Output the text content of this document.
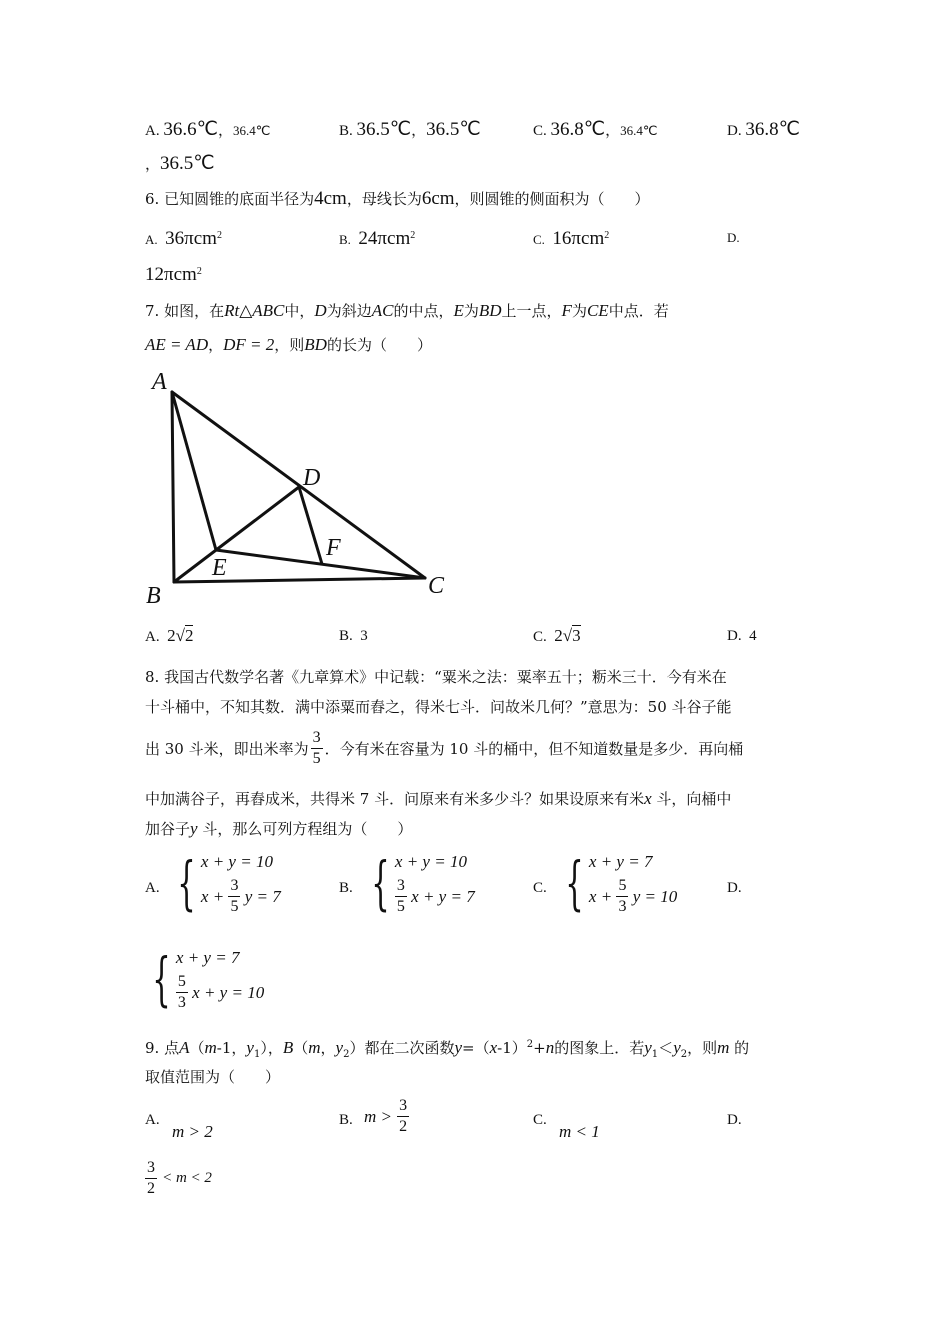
A. 36.6℃，36.4℃	B. 36.5℃，36.5℃	C. 36.8℃，36.4℃	D. 36.8℃
，36.5℃
6. 已知圆锥的底面半径为4cm，母线长为6cm，则圆锥的侧面积为（　　）
A. 36πcm$^2$	B. 24πcm$^2$	C. 16πcm$^2$	D.
12πcm$^2$
7. 如图，在Rt△ABC中，D为斜边AC的中点，E为BD上一点，F为CE中点．若
AE = AD，DF = 2，则BD的长为（　　）
A
B	C
D
E
F
A. 2√2	B. 3	C. 2√3	D. 4
8. 我国古代数学名著《九章算术》中记载：“粟米之法：粟率五十；粝米三十．今有米在
十斗桶中，不知其数．满中添粟而舂之，得米七斗．问故米几何？”意思为：50 斗谷子能
出 30 斗米，即出米率为 $\frac{3}{5}$ ．今有米在容量为 10 斗的桶中，但不知道数量是多少．再向桶
中加满谷子，再舂成米，共得米 7 斗．问原来有米多少斗？如果设原来有米x 斗，向桶中
加谷子y 斗，那么可列方程组为（　　）
A. { x + y = 10
x +
$\frac{3}{5}$
y = 7	B. { x + y = 10
$\frac{3}{5}$
x + y = 7	C. { x + y = 7
x +
$\frac{5}{3}$
y = 10	D.
{ x + y = 7
$\frac{5}{3}$
x + y = 10
9. 点A（m-1，$y_1$），B（m，$y_2$）都在二次函数$y=(x-1)^2+n$的图象上．若$y_1<y_2$，则m 的
取值范围为（　　）
A.
m > 2
B. m >
$\frac{3}{2}$	C.
m < 1
D.
$\frac{3}{2}$
< m < 2
